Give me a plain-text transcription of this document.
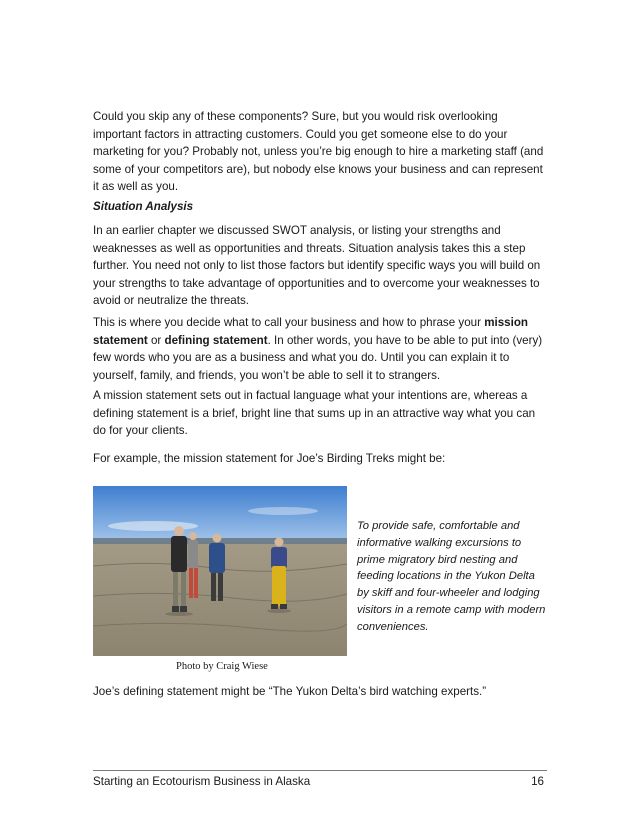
Could you skip any of these components? Sure, but you would risk overlooking important factors in attracting customers. Could you get someone else to do your marketing for you? Probably not, unless you’re big enough to hire a marketing staff (and some of your competitors are), but nobody else knows your business and can represent it as well as you.

Situation Analysis

In an earlier chapter we discussed SWOT analysis, or listing your strengths and weaknesses as well as opportunities and threats. Situation analysis takes this a step further. You need not only to list those factors but identify specific ways you will build on your strengths to take advantage of opportunities and to overcome your weaknesses to avoid or neutralize the threats.

This is where you decide what to call your business and how to phrase your mission statement or defining statement. In other words, you have to be able to put into (very) few words who you are as a business and what you do. Until you can explain it to yourself, family, and friends, you won’t be able to sell it to strangers.

A mission statement sets out in factual language what your intentions are, whereas a defining statement is a brief, bright line that sums up in an attractive way what you can do for your clients.

For example, the mission statement for Joe’s Birding Treks might be:

Photo by Craig Wiese

To provide safe, comfortable and informative walking excursions to prime migratory bird nesting and feeding locations in the Yukon Delta by skiff and four-wheeler and lodging visitors in a remote camp with modern conveniences.

Joe’s defining statement might be “The Yukon Delta’s bird watching experts.”

Starting an Ecotourism Business in Alaska	16
